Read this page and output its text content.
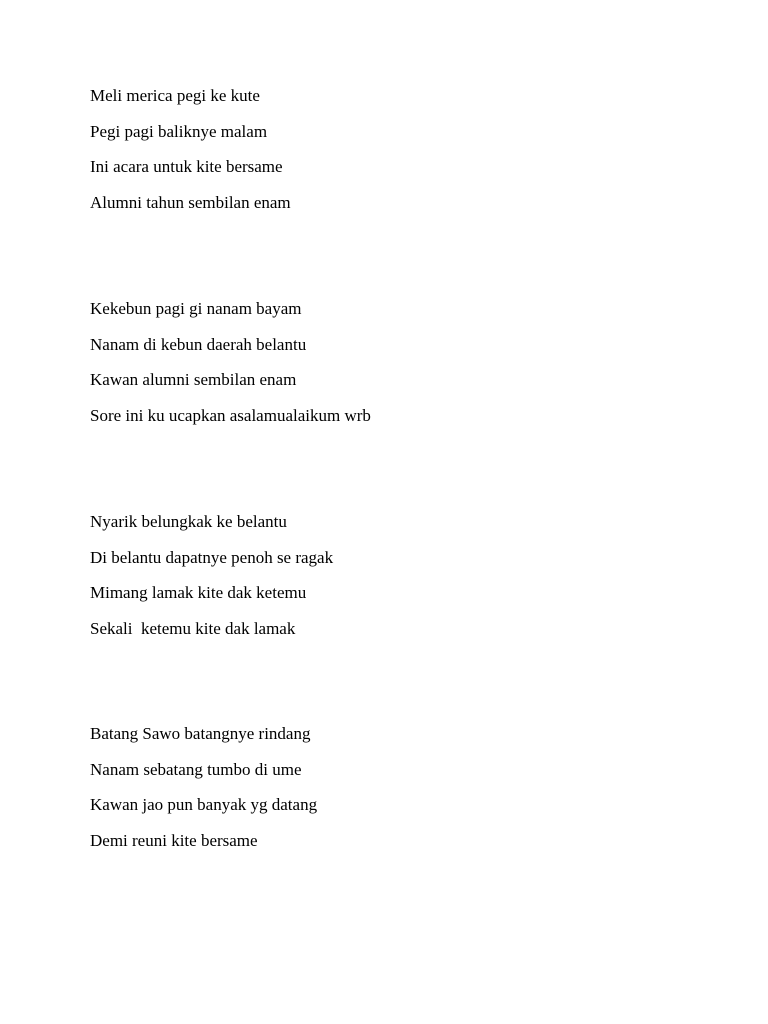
Meli merica pegi ke kute
Pegi pagi baliknye malam
Ini acara untuk kite bersame
Alumni tahun sembilan enam
Kekebun pagi gi nanam bayam
Nanam di kebun daerah belantu
Kawan alumni sembilan enam
Sore ini ku ucapkan asalamualaikum wrb
Nyarik belungkak ke belantu
Di belantu dapatnye penoh se ragak
Mimang lamak kite dak ketemu
Sekali  ketemu kite dak lamak
Batang Sawo batangnye rindang
Nanam sebatang tumbo di ume
Kawan jao pun banyak yg datang
Demi reuni kite bersame
